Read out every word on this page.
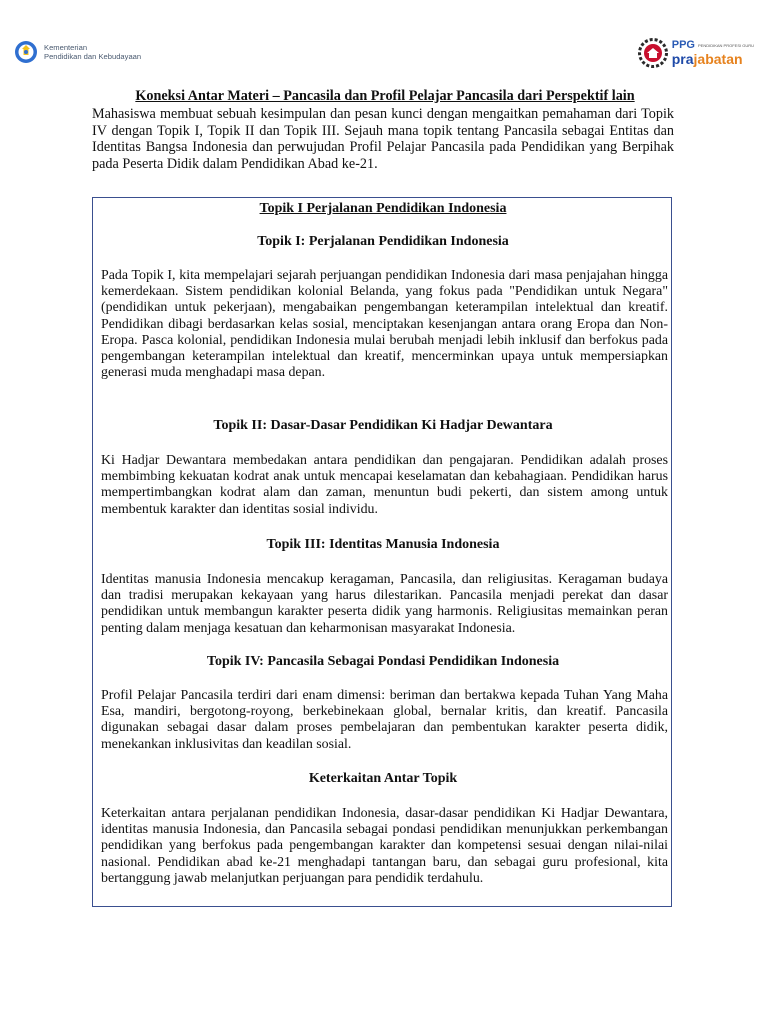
Kementerian
Pendidikan dan Kebudayaan
PPG PENDIDIKAN PROFESI GURU
prajabatan
Koneksi Antar Materi – Pancasila dan Profil Pelajar Pancasila dari Perspektif lain
Mahasiswa membuat sebuah kesimpulan dan pesan kunci dengan mengaitkan pemahaman dari Topik IV dengan Topik I, Topik II dan Topik III. Sejauh mana topik tentang Pancasila sebagai Entitas dan Identitas Bangsa Indonesia dan perwujudan Profil Pelajar Pancasila pada Pendidikan yang Berpihak pada Peserta Didik dalam Pendidikan Abad ke-21.
Topik I Perjalanan Pendidikan Indonesia
Topik I: Perjalanan Pendidikan Indonesia
Pada Topik I, kita mempelajari sejarah perjuangan pendidikan Indonesia dari masa penjajahan hingga kemerdekaan. Sistem pendidikan kolonial Belanda, yang fokus pada "Pendidikan untuk Negara" (pendidikan untuk pekerjaan), mengabaikan pengembangan keterampilan intelektual dan kreatif. Pendidikan dibagi berdasarkan kelas sosial, menciptakan kesenjangan antara orang Eropa dan Non-Eropa. Pasca kolonial, pendidikan Indonesia mulai berubah menjadi lebih inklusif dan berfokus pada pengembangan keterampilan intelektual dan kreatif, mencerminkan upaya untuk mempersiapkan generasi muda menghadapi masa depan.
Topik II: Dasar-Dasar Pendidikan Ki Hadjar Dewantara
Ki Hadjar Dewantara membedakan antara pendidikan dan pengajaran. Pendidikan adalah proses membimbing kekuatan kodrat anak untuk mencapai keselamatan dan kebahagiaan. Pendidikan harus mempertimbangkan kodrat alam dan zaman, menuntun budi pekerti, dan sistem among untuk membentuk karakter dan identitas sosial individu.
Topik III: Identitas Manusia Indonesia
Identitas manusia Indonesia mencakup keragaman, Pancasila, dan religiusitas. Keragaman budaya dan tradisi merupakan kekayaan yang harus dilestarikan. Pancasila menjadi perekat dan dasar pendidikan untuk membangun karakter peserta didik yang harmonis. Religiusitas memainkan peran penting dalam menjaga kesatuan dan keharmonisan masyarakat Indonesia.
Topik IV: Pancasila Sebagai Pondasi Pendidikan Indonesia
Profil Pelajar Pancasila terdiri dari enam dimensi: beriman dan bertakwa kepada Tuhan Yang Maha Esa, mandiri, bergotong-royong, berkebinekaan global, bernalar kritis, dan kreatif. Pancasila digunakan sebagai dasar dalam proses pembelajaran dan pembentukan karakter peserta didik, menekankan inklusivitas dan keadilan sosial.
Keterkaitan Antar Topik
Keterkaitan antara perjalanan pendidikan Indonesia, dasar-dasar pendidikan Ki Hadjar Dewantara, identitas manusia Indonesia, dan Pancasila sebagai pondasi pendidikan menunjukkan perkembangan pendidikan yang berfokus pada pengembangan karakter dan kompetensi sesuai dengan nilai-nilai nasional. Pendidikan abad ke-21 menghadapi tantangan baru, dan sebagai guru profesional, kita bertanggung jawab melanjutkan perjuangan para pendidik terdahulu.
